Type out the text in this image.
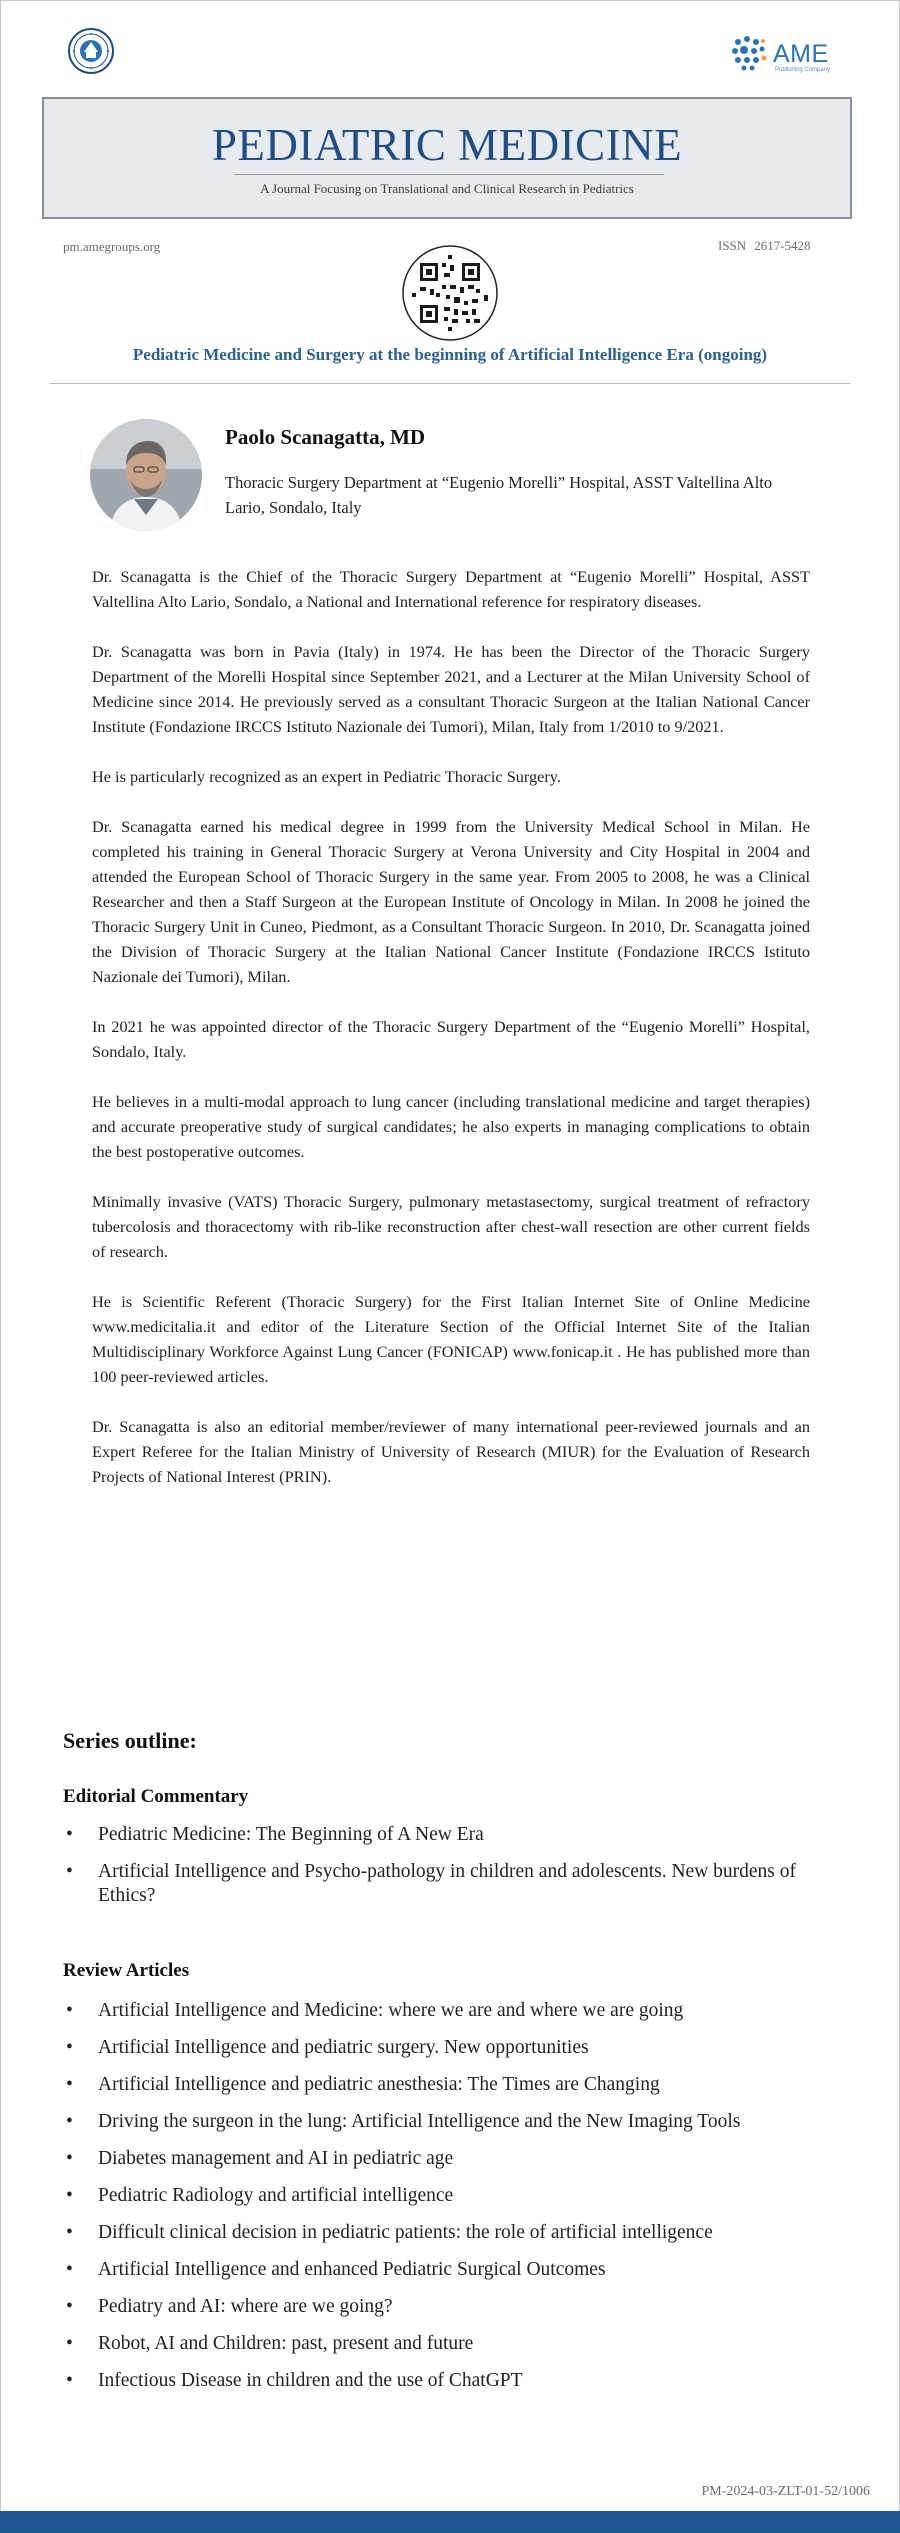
AME
Publishing Company
PEDIATRIC MEDICINE
A Journal Focusing on Translational and Clinical Research in Pediatrics
pm.amegroups.org	ISSN 2617-5428
Pediatric Medicine and Surgery at the beginning of Artificial Intelligence Era (ongoing)
Paolo Scanagatta, MD
Thoracic Surgery Department at “Eugenio Morelli” Hospital, ASST Valtellina Alto Lario, Sondalo, Italy

Dr. Scanagatta is the Chief of the Thoracic Surgery Department at “Eugenio Morelli” Hospital, ASST Valtellina Alto Lario, Sondalo, a National and International reference for respiratory diseases.

Dr. Scanagatta was born in Pavia (Italy) in 1974. He has been the Director of the Thoracic Surgery Department of the Morelli Hospital since September 2021, and a Lecturer at the Milan University School of Medicine since 2014. He previously served as a consultant Thoracic Surgeon at the Italian National Cancer Institute (Fondazione IRCCS Istituto Nazionale dei Tumori), Milan, Italy from 1/2010 to 9/2021.

He is particularly recognized as an expert in Pediatric Thoracic Surgery.

Dr. Scanagatta earned his medical degree in 1999 from the University Medical School in Milan. He completed his training in General Thoracic Surgery at Verona University and City Hospital in 2004 and attended the European School of Thoracic Surgery in the same year. From 2005 to 2008, he was a Clinical Researcher and then a Staff Surgeon at the European Institute of Oncology in Milan. In 2008 he joined the Thoracic Surgery Unit in Cuneo, Piedmont, as a Consultant Thoracic Surgeon. In 2010, Dr. Scanagatta joined the Division of Thoracic Surgery at the Italian National Cancer Institute (Fondazione IRCCS Istituto Nazionale dei Tumori), Milan.

In 2021 he was appointed director of the Thoracic Surgery Department of the “Eugenio Morelli” Hospital, Sondalo, Italy.

He believes in a multi-modal approach to lung cancer (including translational medicine and target therapies) and accurate preoperative study of surgical candidates; he also experts in managing complications to obtain the best postoperative outcomes.

Minimally invasive (VATS) Thoracic Surgery, pulmonary metastasectomy, surgical treatment of refractory tubercolosis and thoracectomy with rib-like reconstruction after chest-wall resection are other current fields of research.

He is Scientific Referent (Thoracic Surgery) for the First Italian Internet Site of Online Medicine www.medicitalia.it and editor of the Literature Section of the Official Internet Site of the Italian Multidisciplinary Workforce Against Lung Cancer (FONICAP) www.fonicap.it . He has published more than 100 peer-reviewed articles.

Dr. Scanagatta is also an editorial member/reviewer of many international peer-reviewed journals and an Expert Referee for the Italian Ministry of University of Research (MIUR) for the Evaluation of Research Projects of National Interest (PRIN).

Series outline:
Editorial Commentary
• Pediatric Medicine: The Beginning of A New Era
• Artificial Intelligence and Psycho-pathology in children and adolescents. New burdens of Ethics?
Review Articles
• Artificial Intelligence and Medicine: where we are and where we are going
• Artificial Intelligence and pediatric surgery. New opportunities
• Artificial Intelligence and pediatric anesthesia: The Times are Changing
• Driving the surgeon in the lung: Artificial Intelligence and the New Imaging Tools
• Diabetes management and AI in pediatric age
• Pediatric Radiology and artificial intelligence
• Difficult clinical decision in pediatric patients: the role of artificial intelligence
• Artificial Intelligence and enhanced Pediatric Surgical Outcomes
• Pediatry and AI: where are we going?
• Robot, AI and Children: past, present and future
• Infectious Disease in children and the use of ChatGPT
PM-2024-03-ZLT-01-52/1006
